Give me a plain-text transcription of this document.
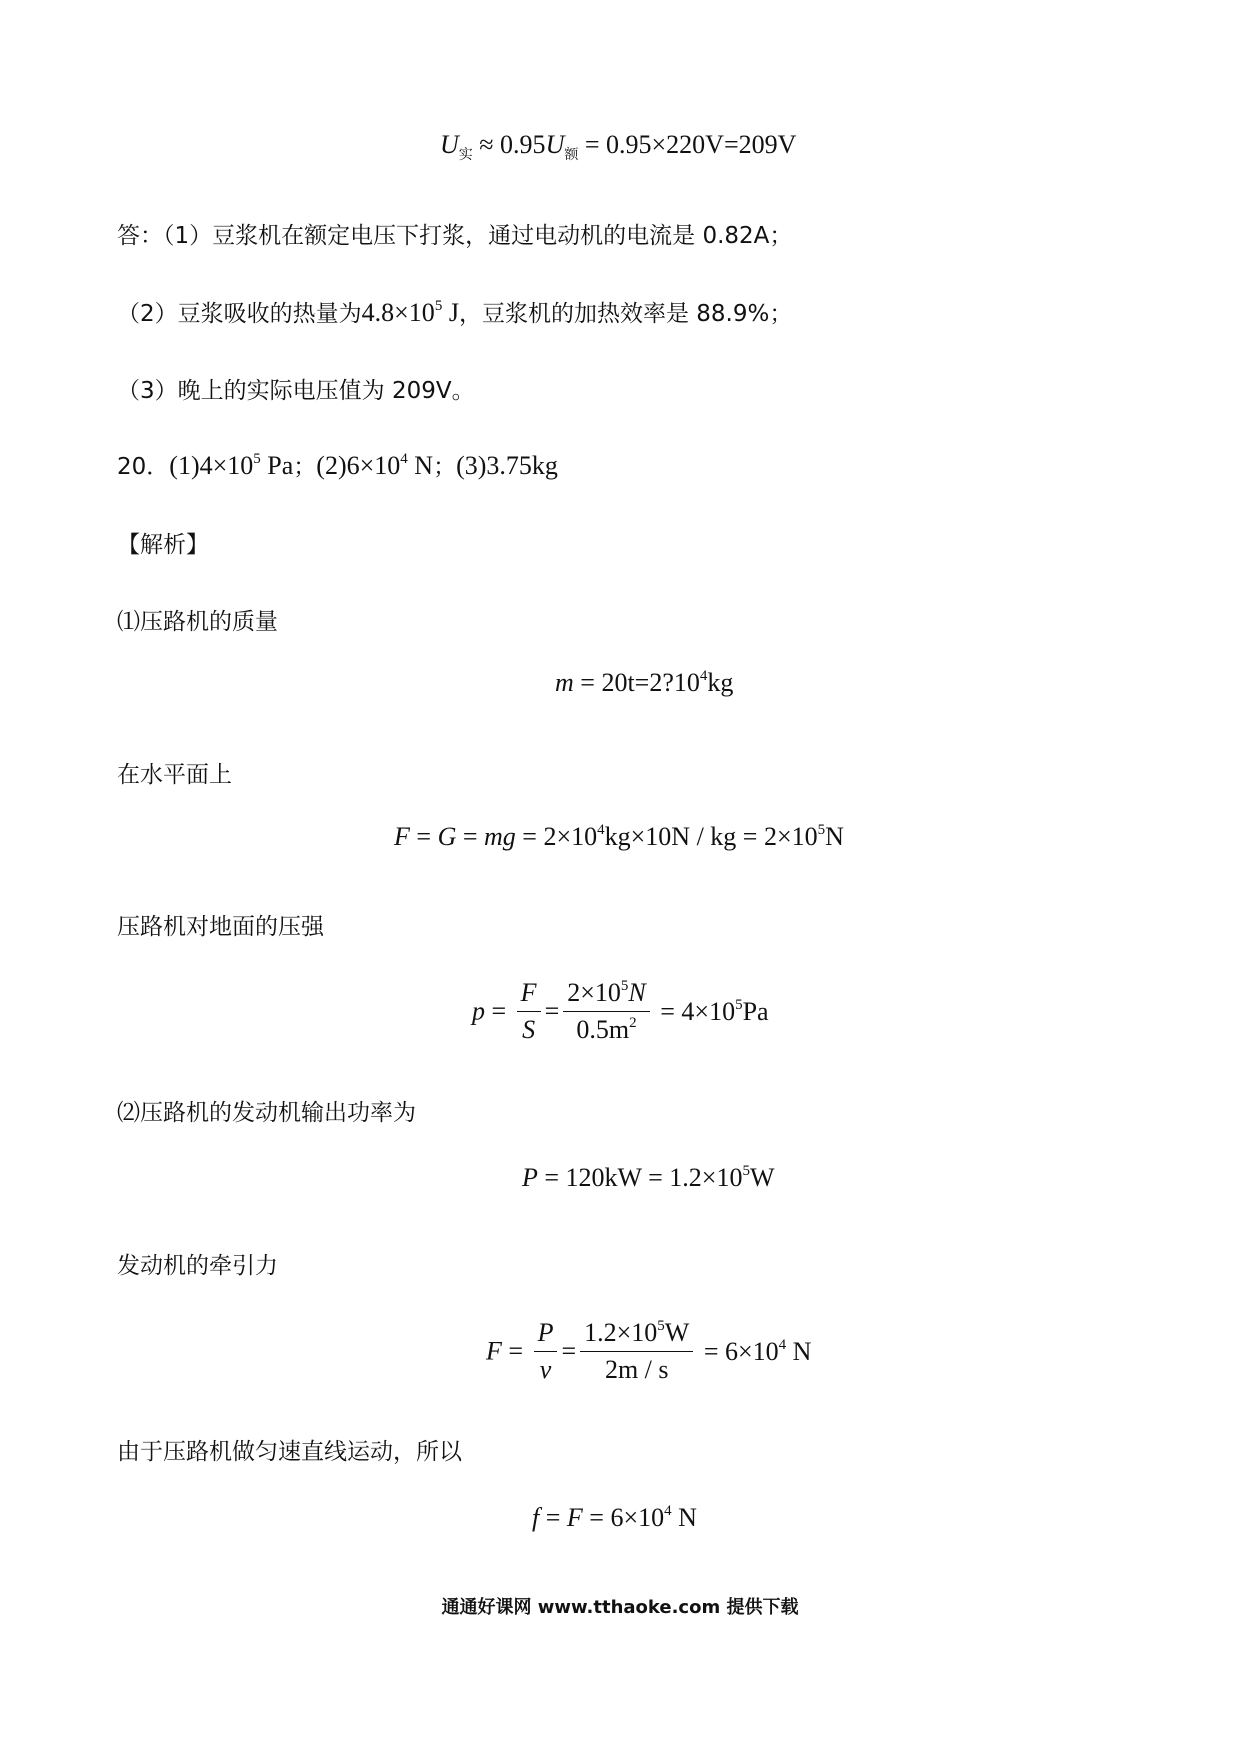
$U_实 \approx 0.95U_额 = 0.95\times 220V=209V$
答：（1）豆浆机在额定电压下打浆，通过电动机的电流是 0.82A；
（2）豆浆吸收的热量为$4.8\times 10^5$ J，豆浆机的加热效率是 88.9%；
（3）晚上的实际电压值为 209V。
20．$(1)4\times 10^5$ Pa；$(2)6\times 10^4$ N；(3)3.75kg
【解析】
⑴压路机的质量
$m = 20t=2?10^4kg$
在水平面上
F = G = mg = $2\times 10^4kg\times 10N$ / kg = $2\times 10^5N$
压路机对地面的压强
$p = \frac{F}{S} = \frac{2\times 10^5N}{0.5m^2} = 4\times 10^5Pa$
⑵压路机的发动机输出功率为
$P = 120kW = 1.2\times 10^5W$
发动机的牵引力
$F = \frac{P}{v} = \frac{1.2\times 10^5W}{2m / s} = 6\times 10^4$ N
由于压路机做匀速直线运动，所以
$f = F = 6\times 10^4$ N
通通好课网 www.tthaoke.com 提供下载
